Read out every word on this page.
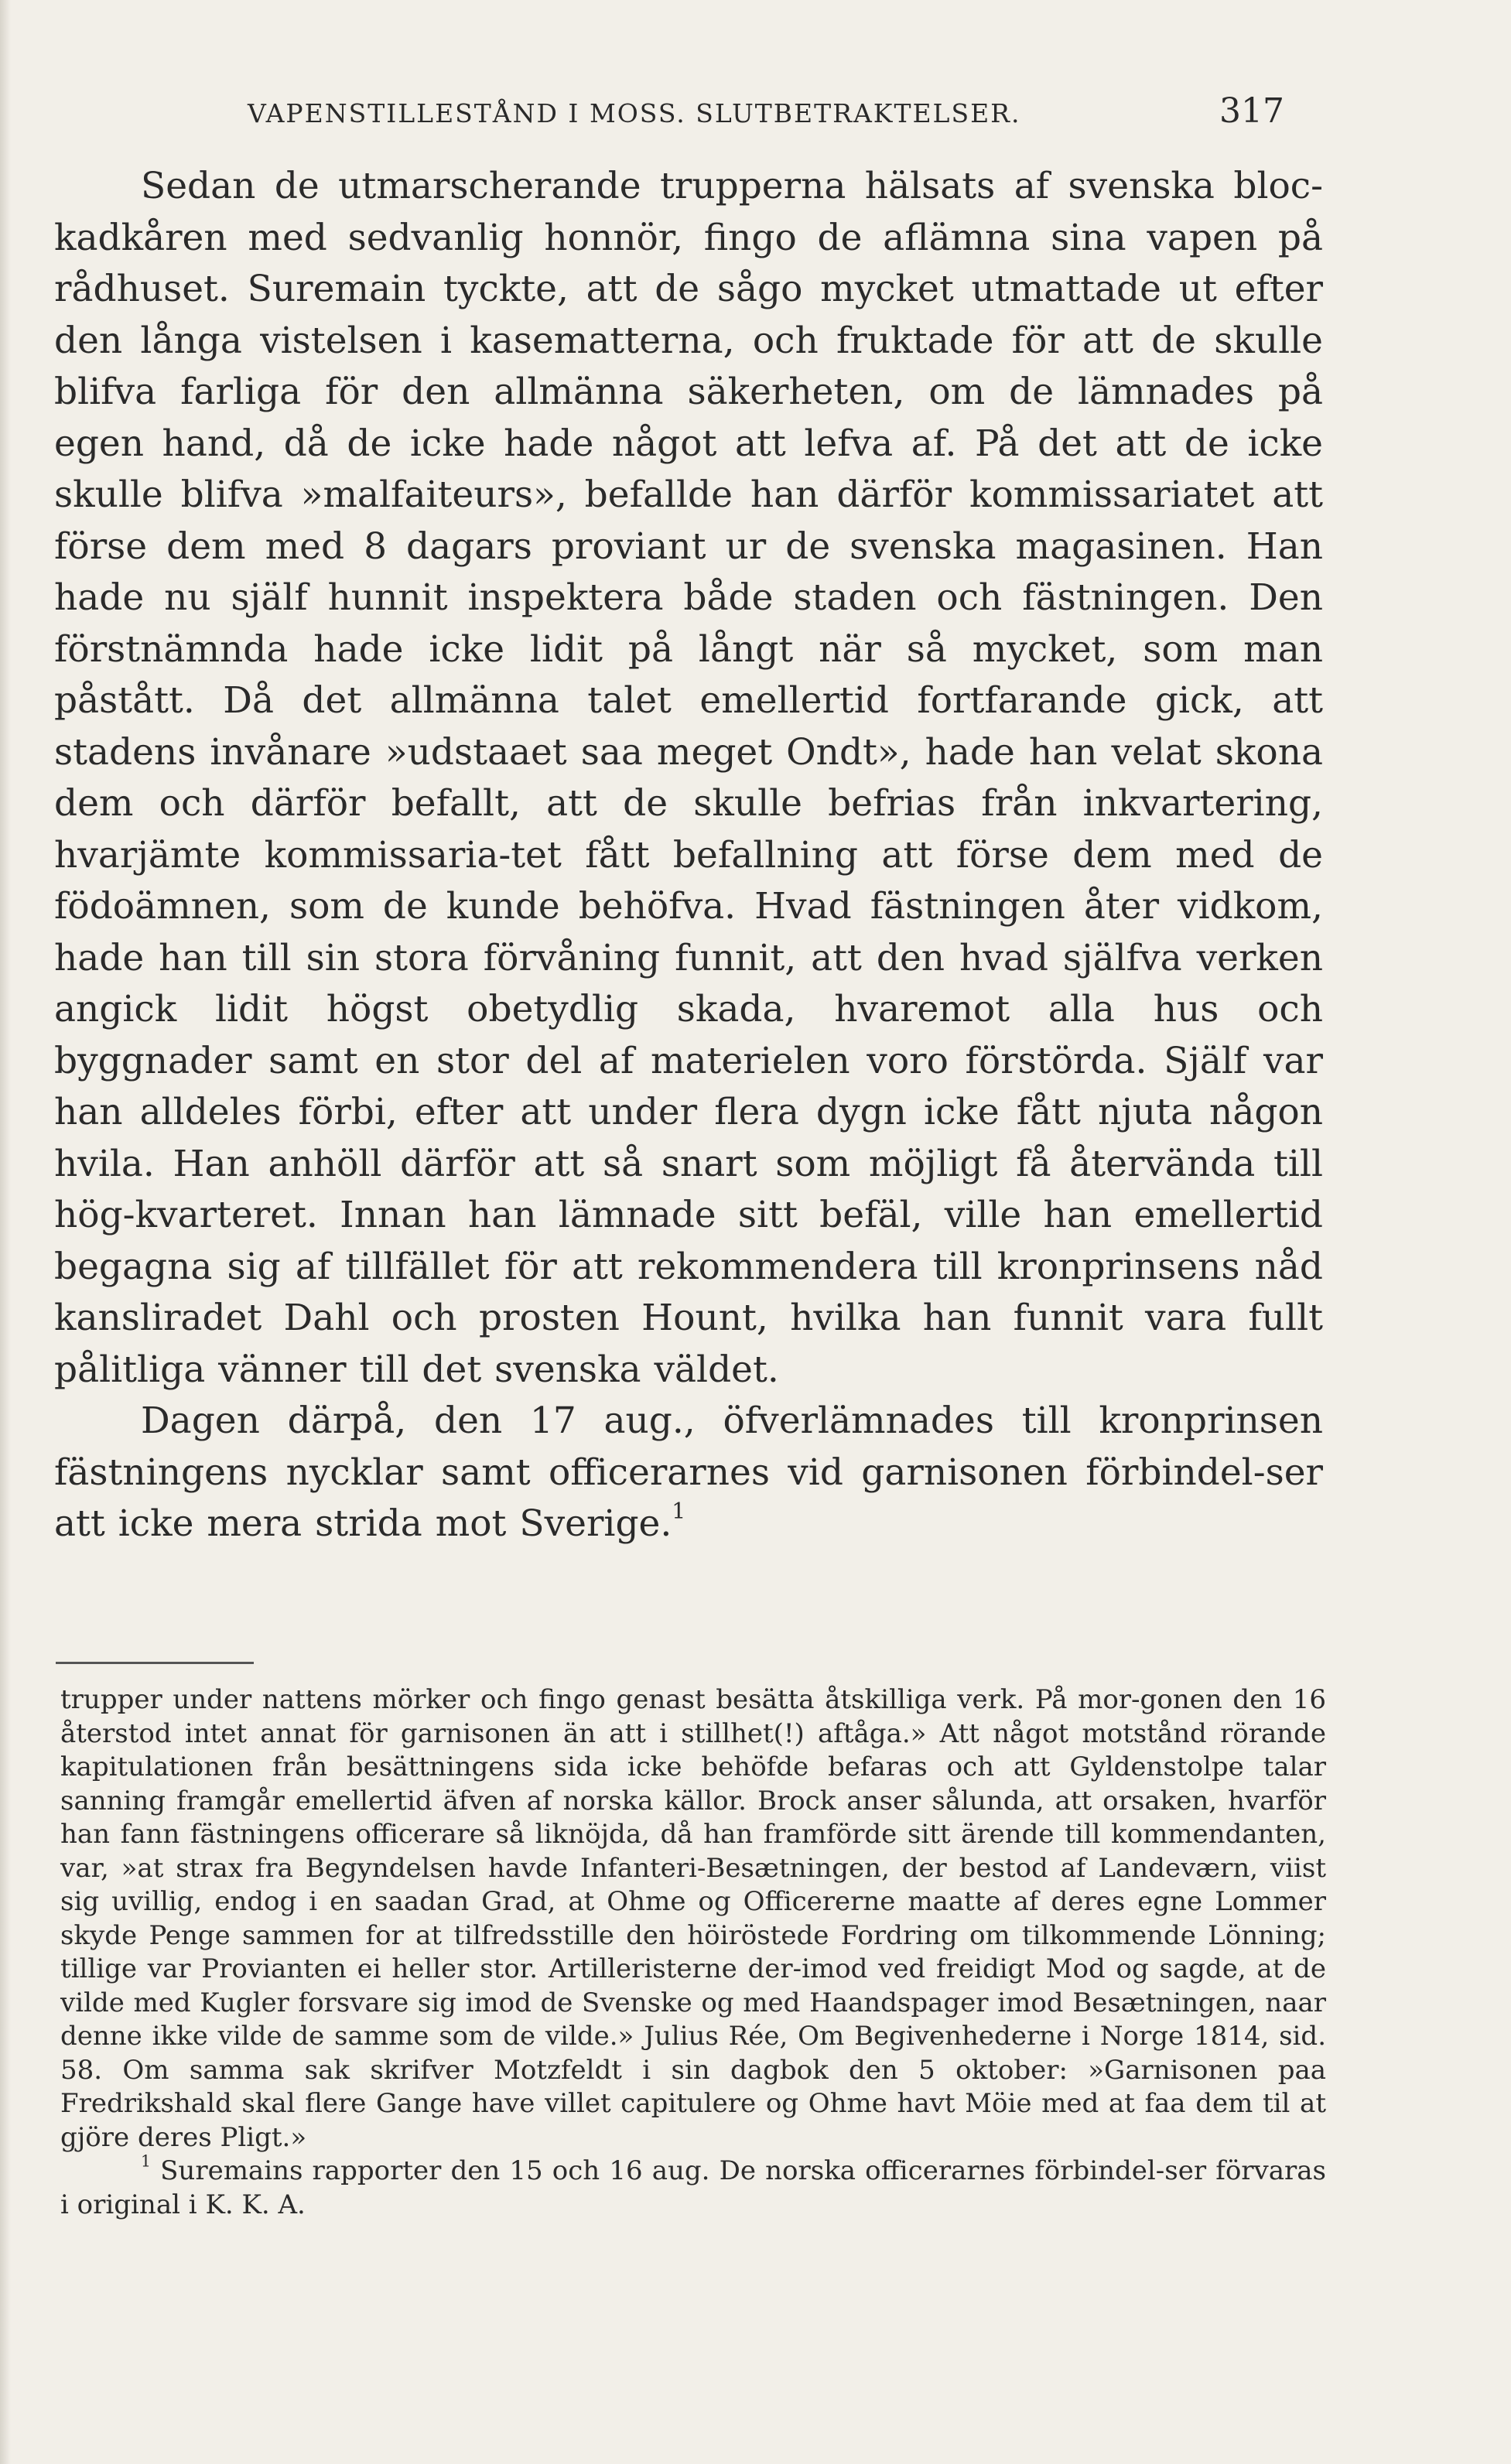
VAPENSTILLESTÅND I MOSS. SLUTBETRAKTELSER.	317

Sedan de utmarscherande trupperna hälsats af svenska bloc-kadkåren med sedvanlig honnör, fingo de aflämna sina vapen på rådhuset. Suremain tyckte, att de sågo mycket utmattade ut efter den långa vistelsen i kasematterna, och fruktade för att de skulle blifva farliga för den allmänna säkerheten, om de lämnades på egen hand, då de icke hade något att lefva af. På det att de icke skulle blifva »malfaiteurs», befallde han därför kommissariatet att förse dem med 8 dagars proviant ur de svenska magasinen. Han hade nu själf hunnit inspektera både staden och fästningen. Den förstnämnda hade icke lidit på långt när så mycket, som man påstått. Då det allmänna talet emellertid fortfarande gick, att stadens invånare »udstaaet saa meget Ondt», hade han velat skona dem och därför befallt, att de skulle befrias från inkvartering, hvarjämte kommissaria-tet fått befallning att förse dem med de födoämnen, som de kunde behöfva. Hvad fästningen åter vidkom, hade han till sin stora förvåning funnit, att den hvad själfva verken angick lidit högst obetydlig skada, hvaremot alla hus och byggnader samt en stor del af materielen voro förstörda. Själf var han alldeles förbi, efter att under flera dygn icke fått njuta någon hvila. Han anhöll därför att så snart som möjligt få återvända till hög-kvarteret. Innan han lämnade sitt befäl, ville han emellertid begagna sig af tillfället för att rekommendera till kronprinsens nåd kansliradet Dahl och prosten Hount, hvilka han funnit vara fullt pålitliga vänner till det svenska väldet.

Dagen därpå, den 17 aug., öfverlämnades till kronprinsen fästningens nycklar samt officerarnes vid garnisonen förbindel-ser att icke mera strida mot Sverige.$^1$

trupper under nattens mörker och fingo genast besätta åtskilliga verk. På mor-gonen den 16 återstod intet annat för garnisonen än att i stillhet(!) aftåga.» Att något motstånd rörande kapitulationen från besättningens sida icke behöfde befaras och att Gyldenstolpe talar sanning framgår emellertid äfven af norska källor. Brock anser sålunda, att orsaken, hvarför han fann fästningens officerare så liknöjda, då han framförde sitt ärende till kommendanten, var, »at strax fra Begyndelsen havde Infanteri-Besætningen, der bestod af Landeværn, viist sig uvillig, endog i en saadan Grad, at Ohme og Officererne maatte af deres egne Lommer skyde Penge sammen for at tilfredsstille den höiröstede Fordring om tilkommende Lönning; tillige var Provianten ei heller stor. Artilleristerne der-imod ved freidigt Mod og sagde, at de vilde med Kugler forsvare sig imod de Svenske og med Haandspager imod Besætningen, naar denne ikke vilde de samme som de vilde.» Julius Rée, Om Begivenhederne i Norge 1814, sid. 58. Om samma sak skrifver Motzfeldt i sin dagbok den 5 oktober: »Garnisonen paa Fredrikshald skal flere Gange have villet capitulere og Ohme havt Möie med at faa dem til at gjöre deres Pligt.»

$^1$ Suremains rapporter den 15 och 16 aug. De norska officerarnes förbindel-ser förvaras i original i K. K. A.
